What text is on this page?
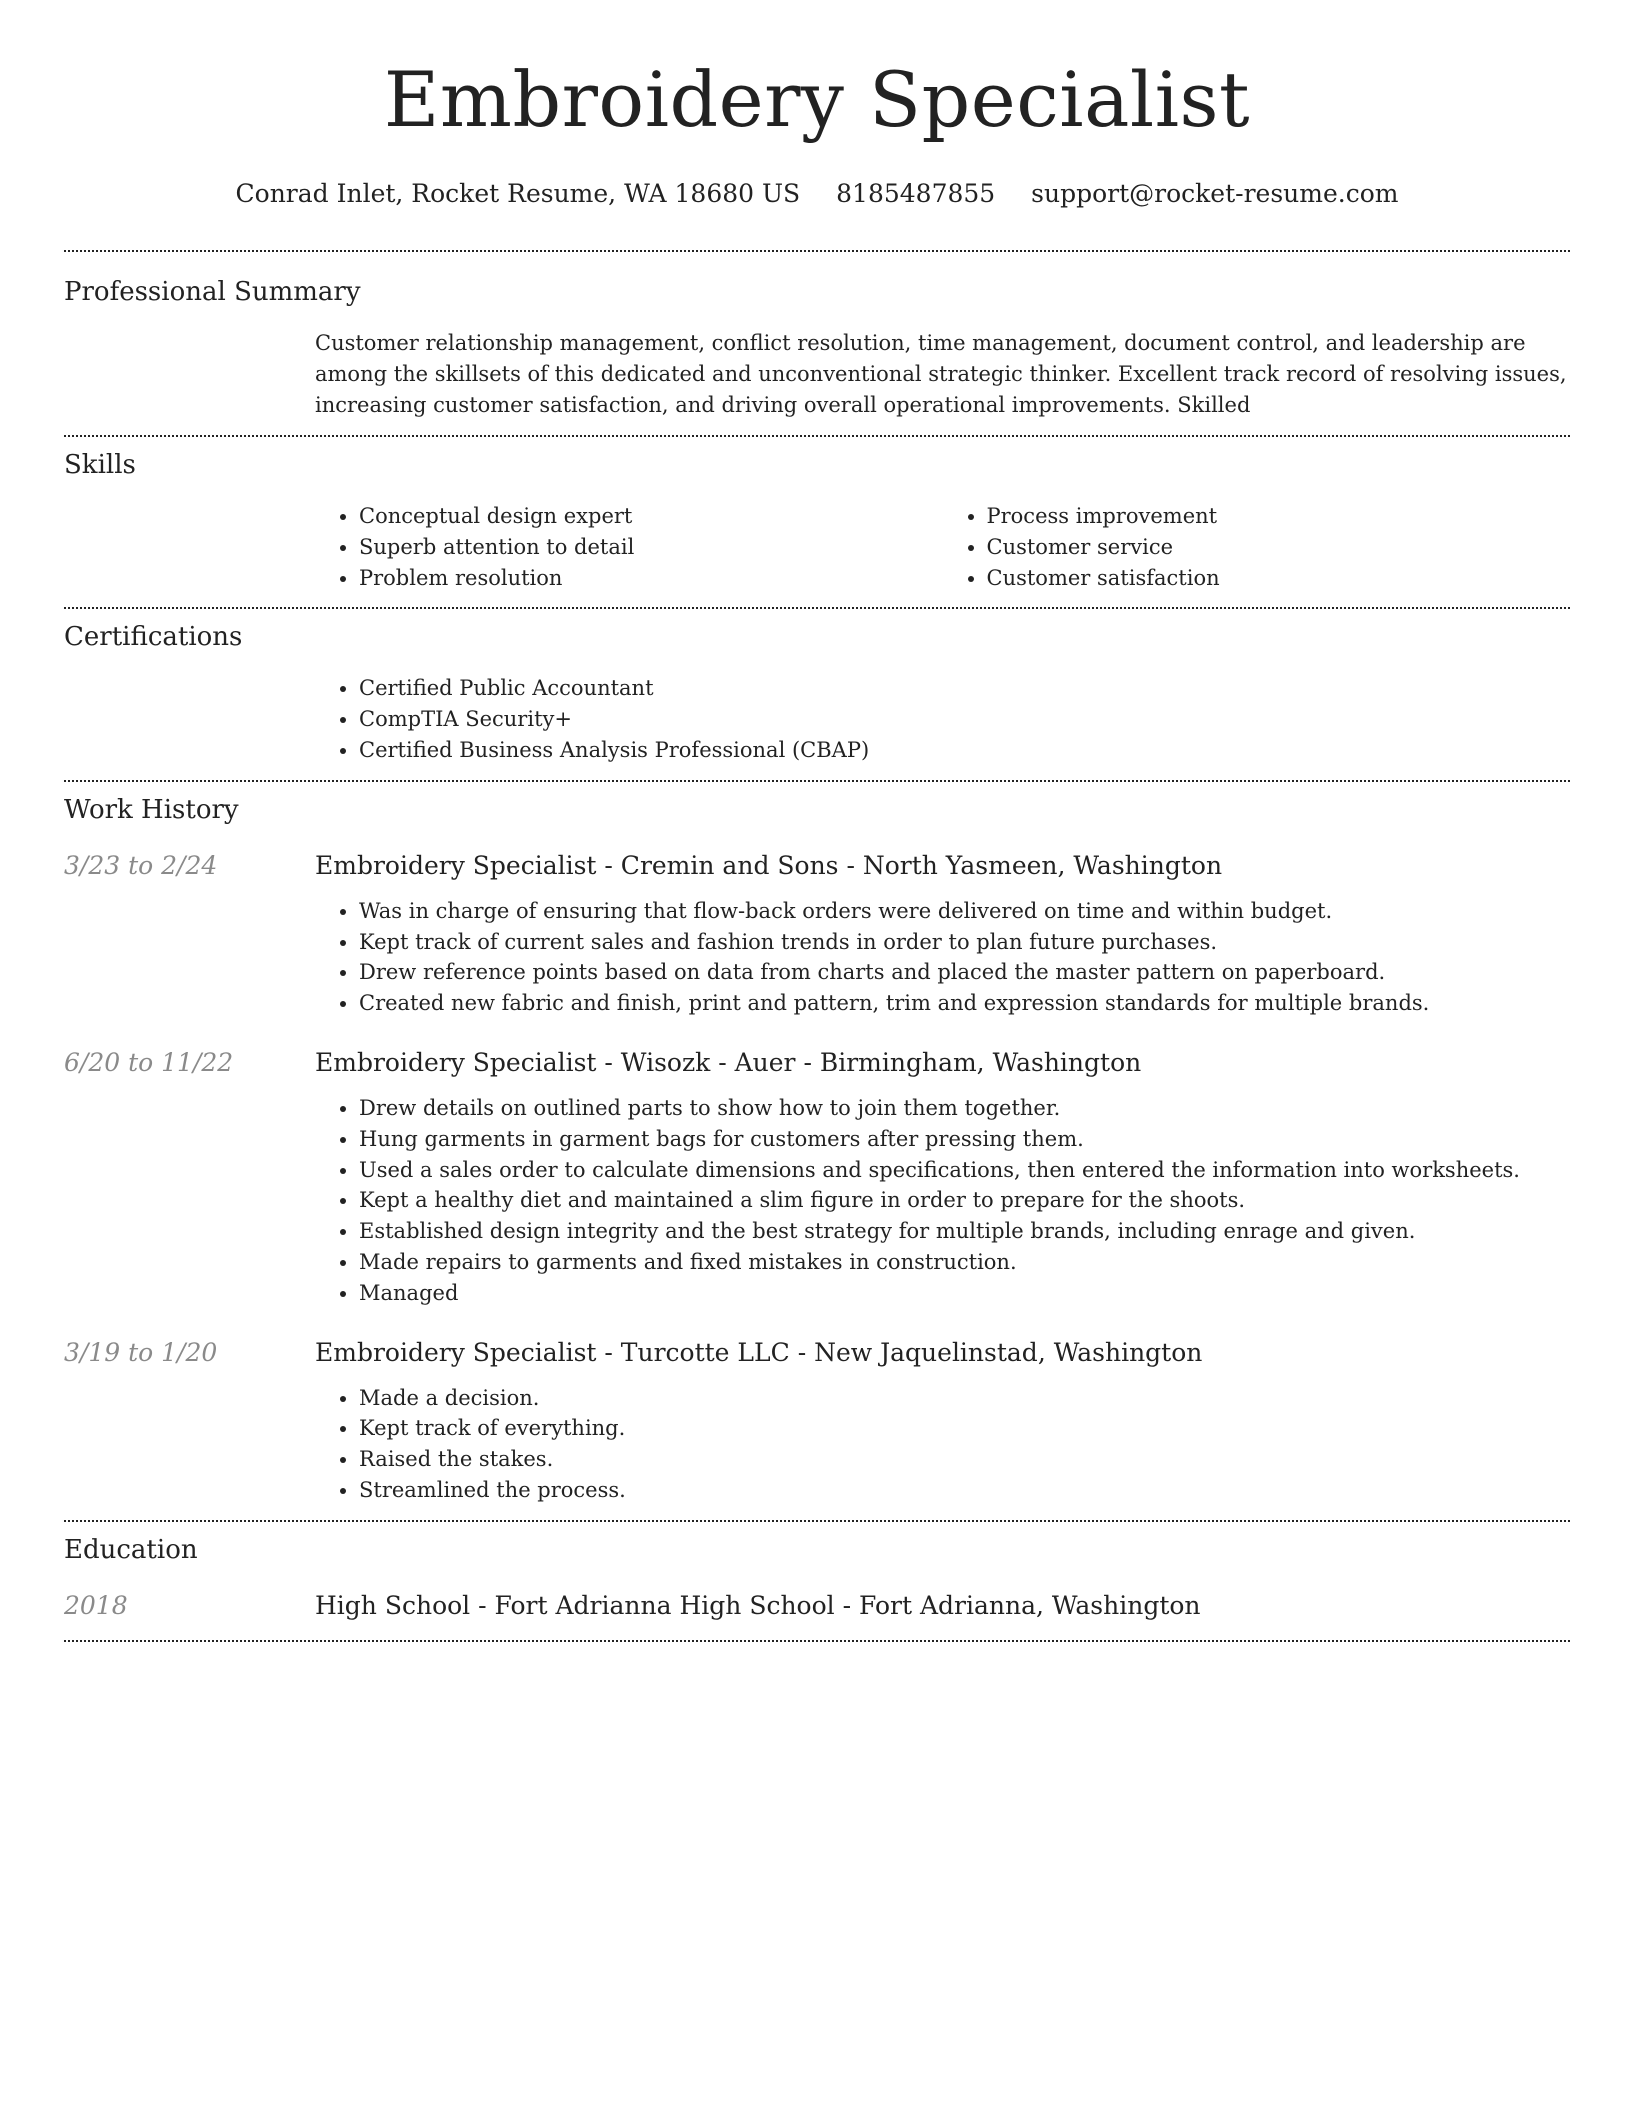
Embroidery Specialist
Conrad Inlet, Rocket Resume, WA 18680 US 8185487855 support@rocket-resume.com
Professional Summary

Customer relationship management, conflict resolution, time management, document control, and leadership are among the skillsets of this dedicated and unconventional strategic thinker. Excellent track record of resolving issues, increasing customer satisfaction, and driving overall operational improvements. Skilled

Skills
• Conceptual design expert
• Superb attention to detail
• Problem resolution
• Process improvement
• Customer service
• Customer satisfaction
Certifications
• Certified Public Accountant
• CompTIA Security+
• Certified Business Analysis Professional (CBAP)
Work History
3/23 to 2/24	Embroidery Specialist - Cremin and Sons - North Yasmeen, Washington
• Was in charge of ensuring that flow-back orders were delivered on time and within budget.
• Kept track of current sales and fashion trends in order to plan future purchases.
• Drew reference points based on data from charts and placed the master pattern on paperboard.
• Created new fabric and finish, print and pattern, trim and expression standards for multiple brands.
6/20 to 11/22	Embroidery Specialist - Wisozk - Auer - Birmingham, Washington
• Drew details on outlined parts to show how to join them together.
• Hung garments in garment bags for customers after pressing them.
• Used a sales order to calculate dimensions and specifications, then entered the information into worksheets.
• Kept a healthy diet and maintained a slim figure in order to prepare for the shoots.
• Established design integrity and the best strategy for multiple brands, including enrage and given.
• Made repairs to garments and fixed mistakes in construction.
• Managed
3/19 to 1/20	Embroidery Specialist - Turcotte LLC - New Jaquelinstad, Washington
• Made a decision.
• Kept track of everything.
• Raised the stakes.
• Streamlined the process.
Education
2018	High School - Fort Adrianna High School - Fort Adrianna, Washington
